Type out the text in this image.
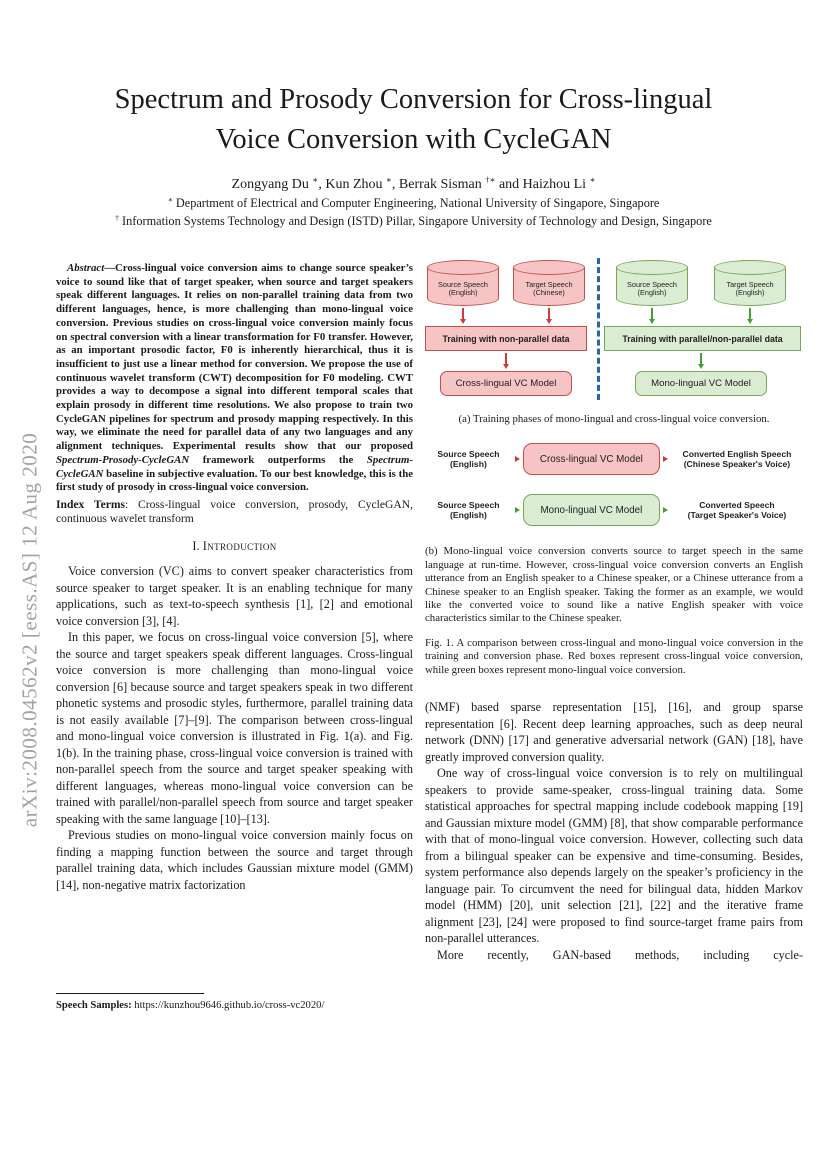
arXiv:2008.04562v2 [eess.AS] 12 Aug 2020
Spectrum and Prosody Conversion for Cross-lingual
Voice Conversion with CycleGAN
Zongyang Du ∗, Kun Zhou ∗, Berrak Sisman †∗ and Haizhou Li ∗
∗ Department of Electrical and Computer Engineering, National University of Singapore, Singapore
† Information Systems Technology and Design (ISTD) Pillar, Singapore University of Technology and Design, Singapore

Abstract—Cross-lingual voice conversion aims to change source speaker’s voice to sound like that of target speaker, when source and target speakers speak different languages. It relies on non-parallel training data from two different languages, hence, is more challenging than mono-lingual voice conversion. Previous studies on cross-lingual voice conversion mainly focus on spectral conversion with a linear transformation for F0 transfer. However, as an important prosodic factor, F0 is inherently hierarchical, thus it is insufficient to just use a linear method for conversion. We propose the use of continuous wavelet transform (CWT) decomposition for F0 modeling. CWT provides a way to decompose a signal into different temporal scales that explain prosody in different time resolutions. We also propose to train two CycleGAN pipelines for spectrum and prosody mapping respectively. In this way, we eliminate the need for parallel data of any two languages and any alignment techniques. Experimental results show that our proposed Spectrum-Prosody-CycleGAN framework outperforms the Spectrum-CycleGAN baseline in subjective evaluation. To our best knowledge, this is the first study of prosody in cross-lingual voice conversion.

Index Terms: Cross-lingual voice conversion, prosody, CycleGAN, continuous wavelet transform

I. Introduction

Voice conversion (VC) aims to convert speaker characteristics from source speaker to target speaker. It is an enabling technique for many applications, such as text-to-speech synthesis [1], [2] and emotional voice conversion [3], [4].

In this paper, we focus on cross-lingual voice conversion [5], where the source and target speakers speak different languages. Cross-lingual voice conversion is more challenging than mono-lingual voice conversion [6] because source and target speakers speak in two different phonetic systems and prosodic styles, furthermore, parallel training data is not easily available [7]–[9]. The comparison between cross-lingual and mono-lingual voice conversion is illustrated in Fig. 1(a). and Fig. 1(b). In the training phase, cross-lingual voice conversion is trained with non-parallel speech from the source and target speaker speaking with different languages, whereas mono-lingual voice conversion can be trained with parallel/non-parallel speech from source and target speaker speaking with the same language [10]–[13].

Previous studies on mono-lingual voice conversion mainly focus on finding a mapping function between the source and target through parallel training data, which includes Gaussian mixture model (GMM) [14], non-negative matrix factorization

Speech Samples: https://kunzhou9646.github.io/cross-vc2020/
Source Speech
(English)
Target Speech
(Chinese)
Training with non-parallel data
Cross-lingual VC Model
Source Speech
(English)
Target Speech
(English)
Training with parallel/non-parallel data
Mono-lingual VC Model
(a) Training phases of mono-lingual and cross-lingual voice conversion.
Source Speech
(English)	Cross-lingual VC Model	Converted English Speech
(Chinese Speaker's Voice)
Source Speech
(English)	Mono-lingual VC Model	Converted Speech
(Target Speaker's Voice)
(b) Mono-lingual voice conversion converts source to target speech in the same language at run-time. However, cross-lingual voice conversion converts an English utterance from an English speaker to a Chinese speaker, or a Chinese utterance from a Chinese speaker to an English speaker. Taking the former as an example, we would like the converted voice to sound like a native English speaker with voice characteristics similar to the Chinese speaker.
Fig. 1. A comparison between cross-lingual and mono-lingual voice conversion in the training and conversion phase. Red boxes represent cross-lingual voice conversion, while green boxes represent mono-lingual voice conversion.

(NMF) based sparse representation [15], [16], and group sparse representation [6]. Recent deep learning approaches, such as deep neural network (DNN) [17] and generative adversarial network (GAN) [18], have greatly improved conversion quality.

One way of cross-lingual voice conversion is to rely on multilingual speakers to provide same-speaker, cross-lingual training data. Some statistical approaches for spectral mapping include codebook mapping [19] and Gaussian mixture model (GMM) [8], that show comparable performance with that of mono-lingual voice conversion. However, collecting such data from a bilingual speaker can be expensive and time-consuming. Besides, system performance also depends largely on the speaker’s proficiency in the language pair. To circumvent the need for bilingual data, hidden Markov model (HMM) [20], unit selection [21], [22] and the iterative frame alignment [23], [24] were proposed to find source-target frame pairs from non-parallel utterances.

More recently, GAN-based methods, including cycle-
